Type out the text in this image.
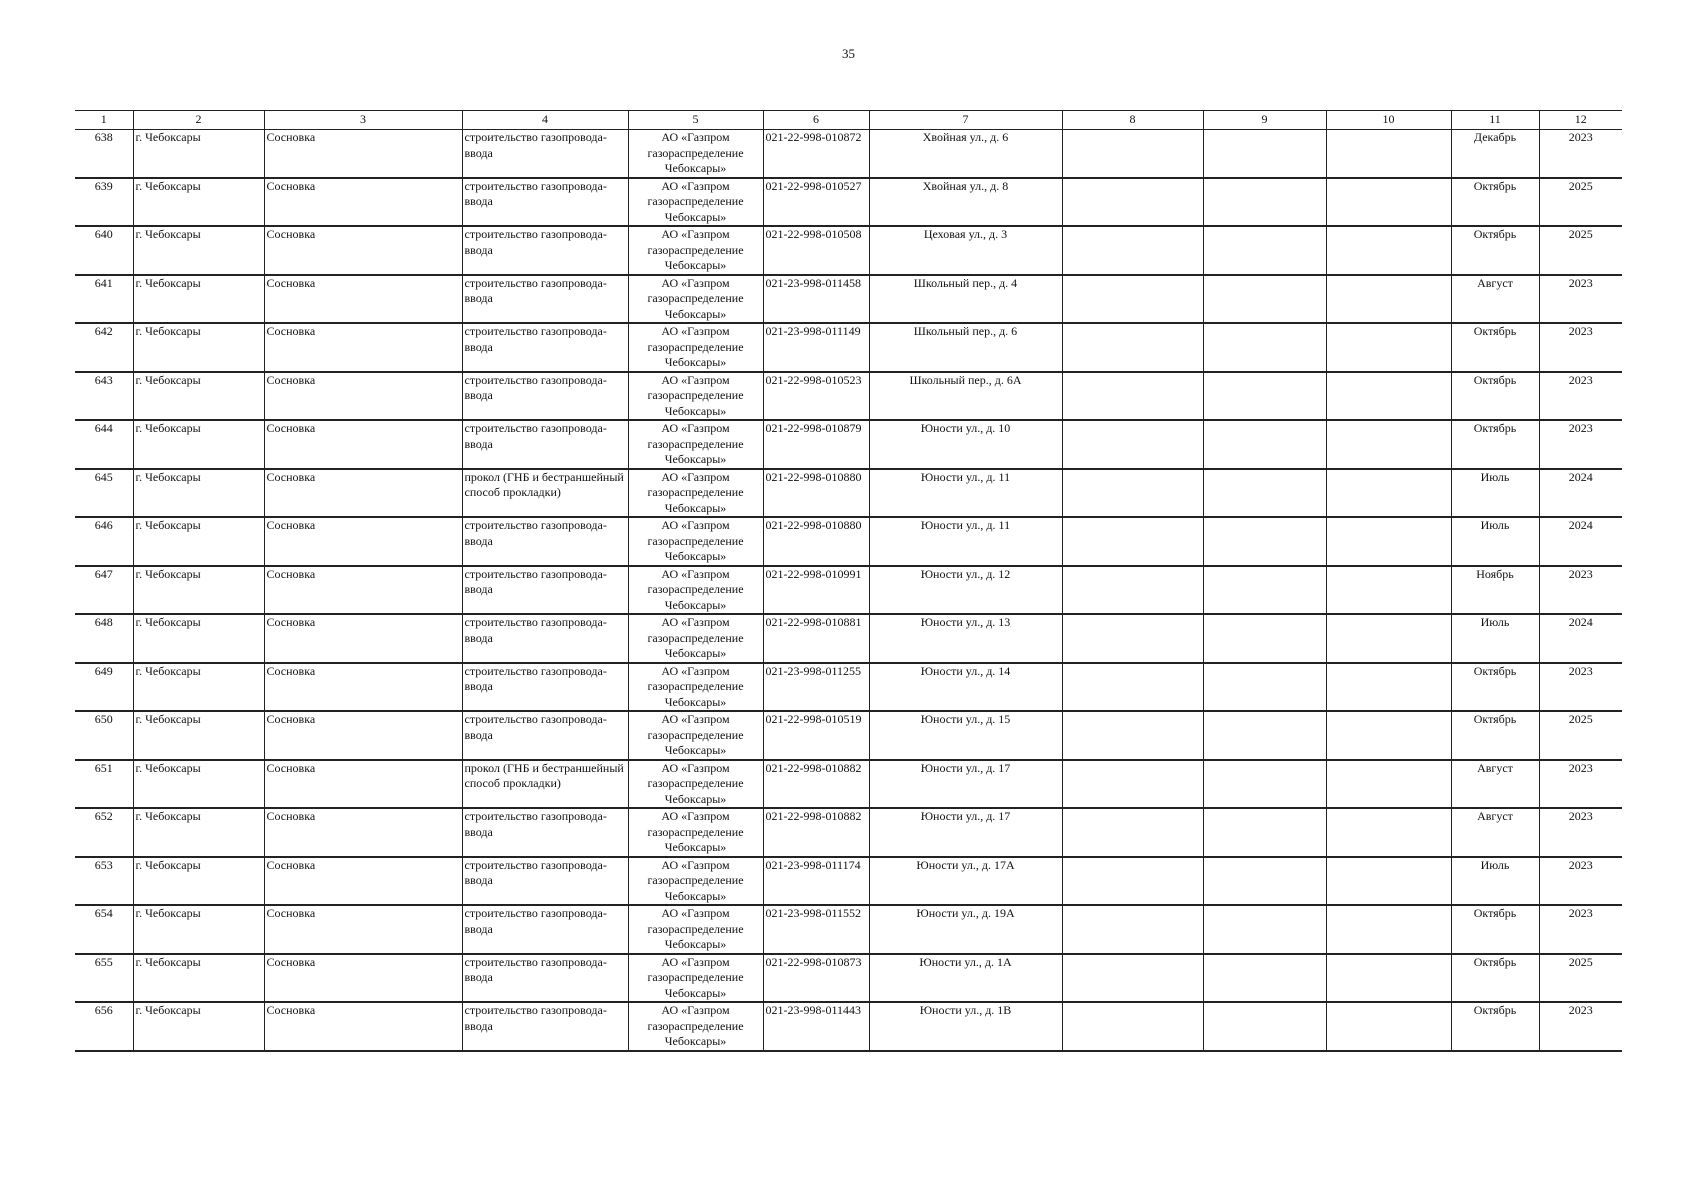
35
1	2	3	4	5	6	7	8	9	10	11	12
638	г. Чебоксары	Сосновка	строительство газопровода-ввода	АО «Газпром газораспределение Чебоксары»	021-22-998-010872	Хвойная ул., д. 6				Декабрь	2023
639	г. Чебоксары	Сосновка	строительство газопровода-ввода	АО «Газпром газораспределение Чебоксары»	021-22-998-010527	Хвойная ул., д. 8				Октябрь	2025
640	г. Чебоксары	Сосновка	строительство газопровода-ввода	АО «Газпром газораспределение Чебоксары»	021-22-998-010508	Цеховая ул., д. 3				Октябрь	2025
641	г. Чебоксары	Сосновка	строительство газопровода-ввода	АО «Газпром газораспределение Чебоксары»	021-23-998-011458	Школьный пер., д. 4				Август	2023
642	г. Чебоксары	Сосновка	строительство газопровода-ввода	АО «Газпром газораспределение Чебоксары»	021-23-998-011149	Школьный пер., д. 6				Октябрь	2023
643	г. Чебоксары	Сосновка	строительство газопровода-ввода	АО «Газпром газораспределение Чебоксары»	021-22-998-010523	Школьный пер., д. 6А				Октябрь	2023
644	г. Чебоксары	Сосновка	строительство газопровода-ввода	АО «Газпром газораспределение Чебоксары»	021-22-998-010879	Юности ул., д. 10				Октябрь	2023
645	г. Чебоксары	Сосновка	прокол (ГНБ и бестраншейный способ прокладки)	АО «Газпром газораспределение Чебоксары»	021-22-998-010880	Юности ул., д. 11				Июль	2024
646	г. Чебоксары	Сосновка	строительство газопровода-ввода	АО «Газпром газораспределение Чебоксары»	021-22-998-010880	Юности ул., д. 11				Июль	2024
647	г. Чебоксары	Сосновка	строительство газопровода-ввода	АО «Газпром газораспределение Чебоксары»	021-22-998-010991	Юности ул., д. 12				Ноябрь	2023
648	г. Чебоксары	Сосновка	строительство газопровода-ввода	АО «Газпром газораспределение Чебоксары»	021-22-998-010881	Юности ул., д. 13				Июль	2024
649	г. Чебоксары	Сосновка	строительство газопровода-ввода	АО «Газпром газораспределение Чебоксары»	021-23-998-011255	Юности ул., д. 14				Октябрь	2023
650	г. Чебоксары	Сосновка	строительство газопровода-ввода	АО «Газпром газораспределение Чебоксары»	021-22-998-010519	Юности ул., д. 15				Октябрь	2025
651	г. Чебоксары	Сосновка	прокол (ГНБ и бестраншейный способ прокладки)	АО «Газпром газораспределение Чебоксары»	021-22-998-010882	Юности ул., д. 17				Август	2023
652	г. Чебоксары	Сосновка	строительство газопровода-ввода	АО «Газпром газораспределение Чебоксары»	021-22-998-010882	Юности ул., д. 17				Август	2023
653	г. Чебоксары	Сосновка	строительство газопровода-ввода	АО «Газпром газораспределение Чебоксары»	021-23-998-011174	Юности ул., д. 17А				Июль	2023
654	г. Чебоксары	Сосновка	строительство газопровода-ввода	АО «Газпром газораспределение Чебоксары»	021-23-998-011552	Юности ул., д. 19А				Октябрь	2023
655	г. Чебоксары	Сосновка	строительство газопровода-ввода	АО «Газпром газораспределение Чебоксары»	021-22-998-010873	Юности ул., д. 1А				Октябрь	2025
656	г. Чебоксары	Сосновка	строительство газопровода-ввода	АО «Газпром газораспределение Чебоксары»	021-23-998-011443	Юности ул., д. 1В				Октябрь	2023
